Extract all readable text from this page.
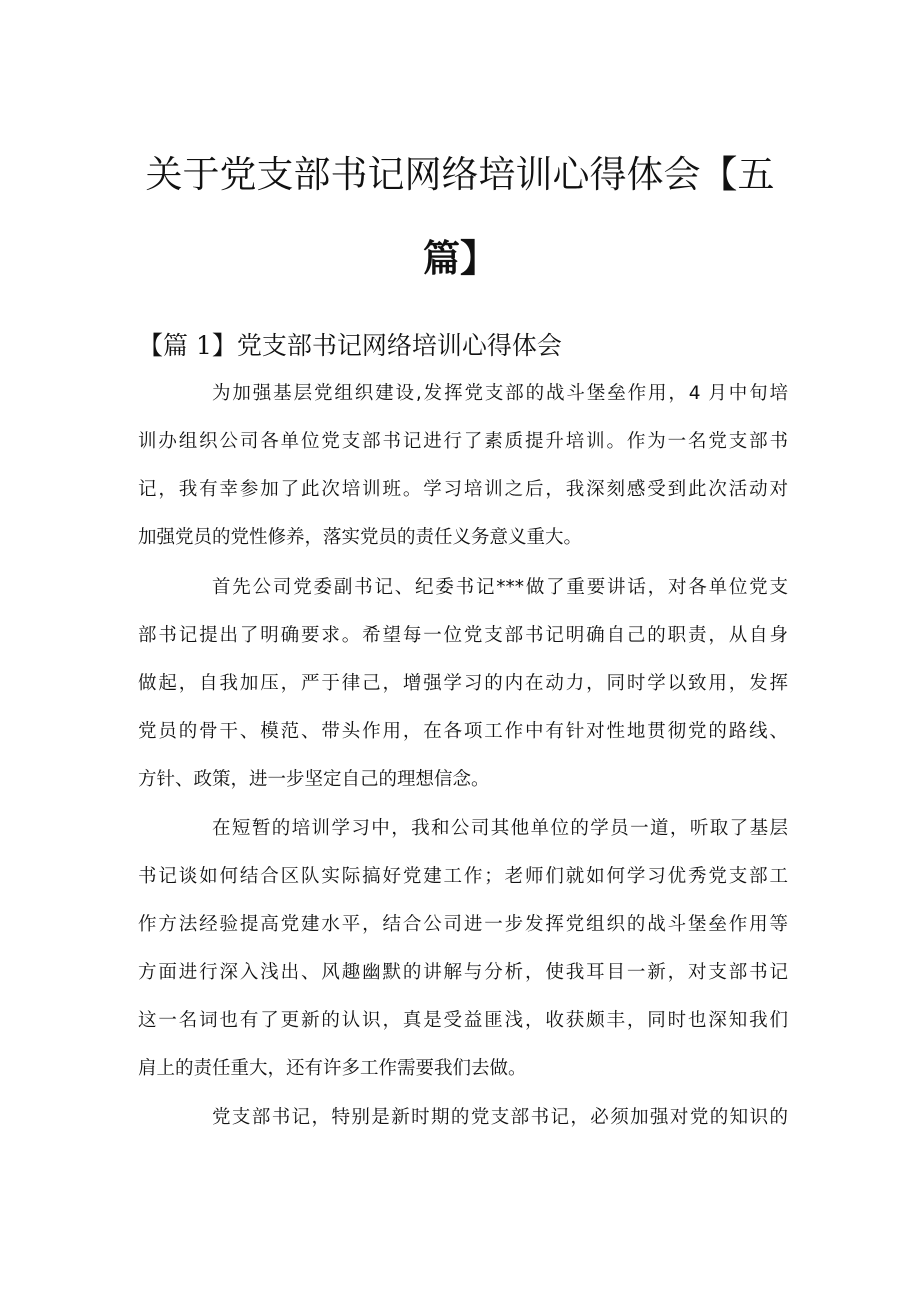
关于党支部书记网络培训心得体会【五
篇】
【篇 1】党支部书记网络培训心得体会
为加强基层党组织建设,发挥党支部的战斗堡垒作用，4 月中旬培
训办组织公司各单位党支部书记进行了素质提升培训。作为一名党支部书
记，我有幸参加了此次培训班。学习培训之后，我深刻感受到此次活动对
加强党员的党性修养，落实党员的责任义务意义重大。
首先公司党委副书记、纪委书记***做了重要讲话，对各单位党支
部书记提出了明确要求。希望每一位党支部书记明确自己的职责，从自身
做起，自我加压，严于律己，增强学习的内在动力，同时学以致用，发挥
党员的骨干、模范、带头作用，在各项工作中有针对性地贯彻党的路线、
方针、政策，进一步坚定自己的理想信念。
在短暂的培训学习中，我和公司其他单位的学员一道，听取了基层
书记谈如何结合区队实际搞好党建工作；老师们就如何学习优秀党支部工
作方法经验提高党建水平，结合公司进一步发挥党组织的战斗堡垒作用等
方面进行深入浅出、风趣幽默的讲解与分析，使我耳目一新，对支部书记
这一名词也有了更新的认识，真是受益匪浅，收获颇丰，同时也深知我们
肩上的责任重大，还有许多工作需要我们去做。
党支部书记，特别是新时期的党支部书记，必须加强对党的知识的
